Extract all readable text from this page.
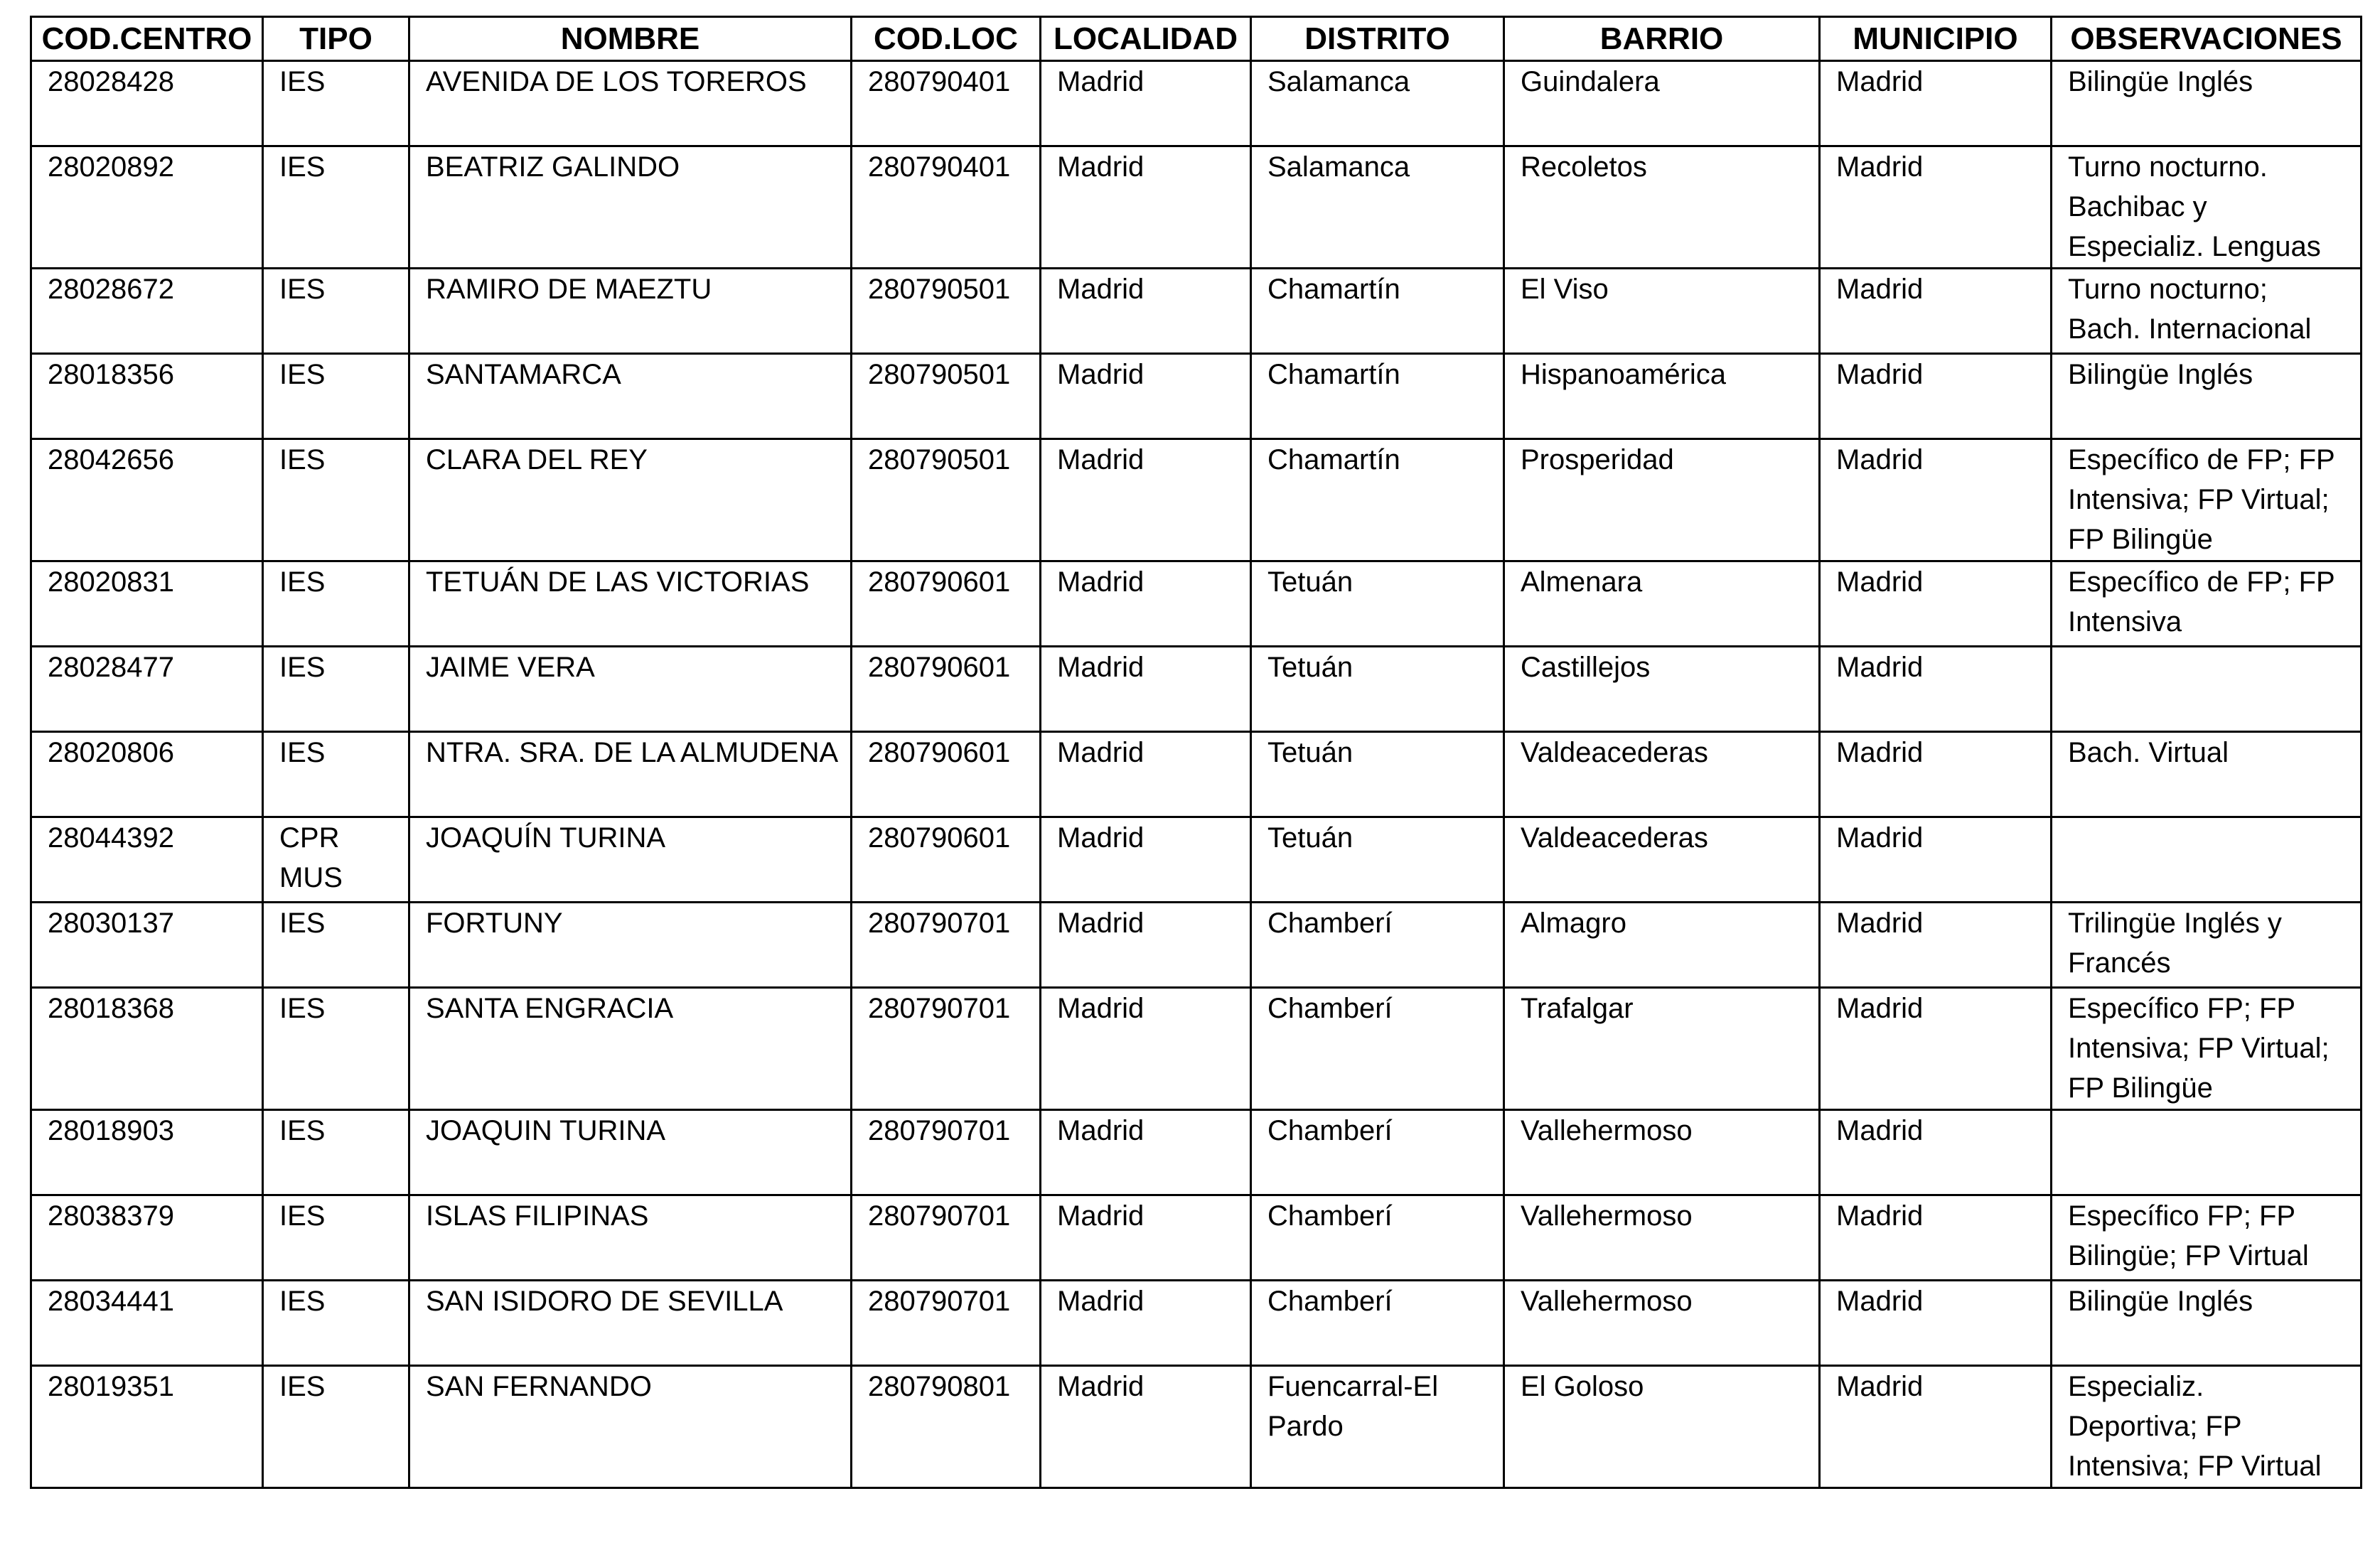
COD.CENTRO	TIPO	NOMBRE	COD.LOC	LOCALIDAD	DISTRITO	BARRIO	MUNICIPIO	OBSERVACIONES
28028428	IES	AVENIDA DE LOS TOREROS	280790401	Madrid	Salamanca	Guindalera	Madrid	Bilingüe Inglés
28020892	IES	BEATRIZ GALINDO	280790401	Madrid	Salamanca	Recoletos	Madrid	Turno nocturno.
Bachibac y
Especializ. Lenguas
28028672	IES	RAMIRO DE MAEZTU	280790501	Madrid	Chamartín	El Viso	Madrid	Turno nocturno;
Bach. Internacional
28018356	IES	SANTAMARCA	280790501	Madrid	Chamartín	Hispanoamérica	Madrid	Bilingüe Inglés
28042656	IES	CLARA DEL REY	280790501	Madrid	Chamartín	Prosperidad	Madrid	Específico de FP; FP
Intensiva; FP Virtual;
FP Bilingüe
28020831	IES	TETUÁN DE LAS VICTORIAS	280790601	Madrid	Tetuán	Almenara	Madrid	Específico de FP; FP
Intensiva
28028477	IES	JAIME VERA	280790601	Madrid	Tetuán	Castillejos	Madrid	
28020806	IES	NTRA. SRA. DE LA ALMUDENA	280790601	Madrid	Tetuán	Valdeacederas	Madrid	Bach. Virtual
28044392	CPR
MUS	JOAQUÍN TURINA	280790601	Madrid	Tetuán	Valdeacederas	Madrid	
28030137	IES	FORTUNY	280790701	Madrid	Chamberí	Almagro	Madrid	Trilingüe Inglés y
Francés
28018368	IES	SANTA ENGRACIA	280790701	Madrid	Chamberí	Trafalgar	Madrid	Específico FP; FP
Intensiva; FP Virtual;
FP Bilingüe
28018903	IES	JOAQUIN TURINA	280790701	Madrid	Chamberí	Vallehermoso	Madrid	
28038379	IES	ISLAS FILIPINAS	280790701	Madrid	Chamberí	Vallehermoso	Madrid	Específico FP; FP
Bilingüe; FP Virtual
28034441	IES	SAN ISIDORO DE SEVILLA	280790701	Madrid	Chamberí	Vallehermoso	Madrid	Bilingüe Inglés
28019351	IES	SAN FERNANDO	280790801	Madrid	Fuencarral-El
Pardo	El Goloso	Madrid	Especializ.
Deportiva; FP
Intensiva; FP Virtual
